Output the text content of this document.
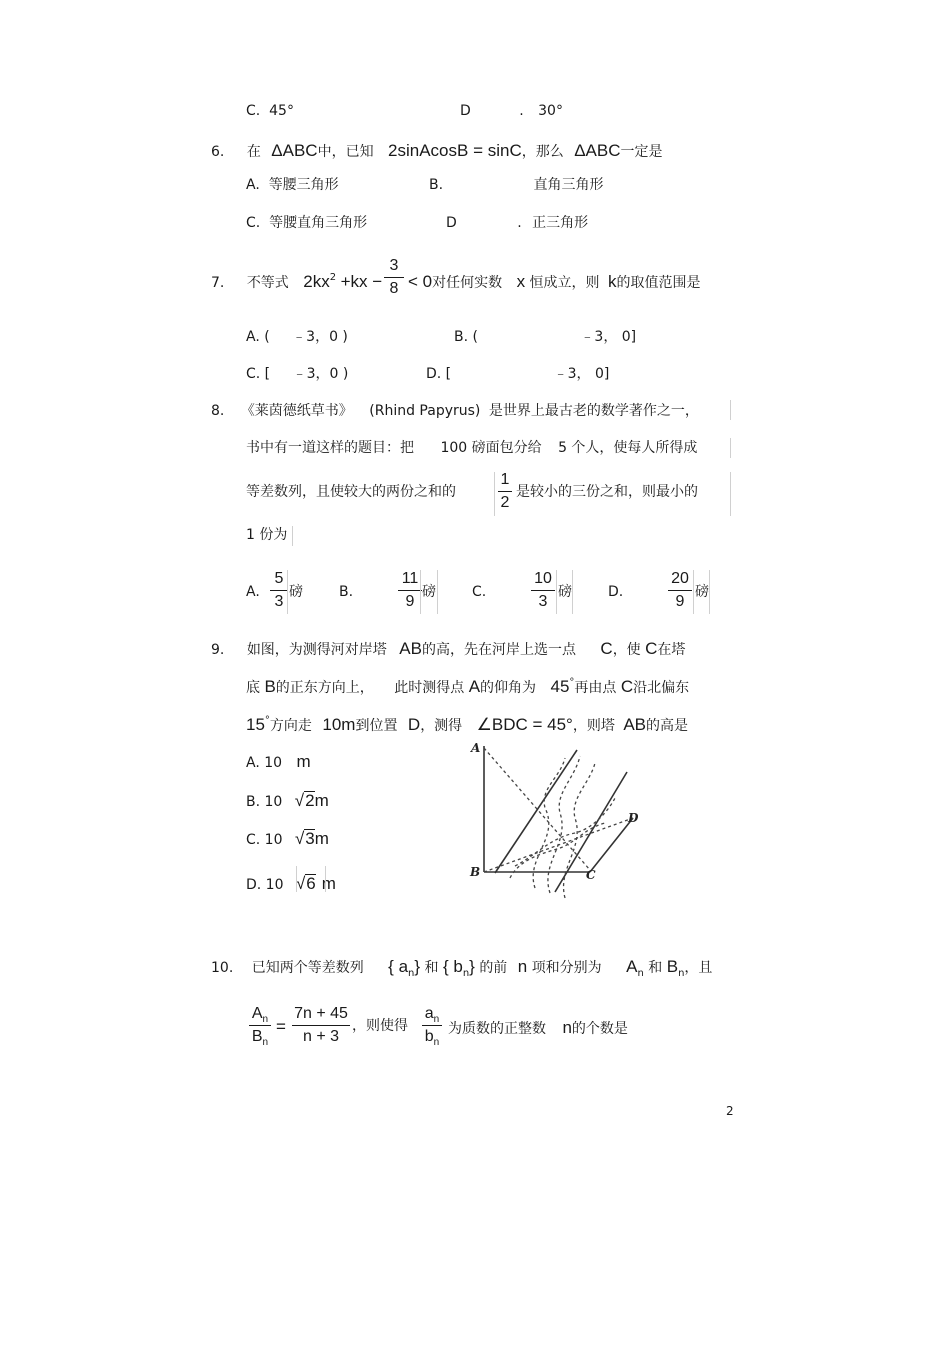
C. 45°	D	. 30°
6. 在 ΔABC中，已知 2sinAcosB = sinC，那么 ΔABC一定是
A. 等腰三角形	B.	直角三角形
C. 等腰直角三角形	D	. 正三角形
7. 不等式 $2kx^2 +kx$ −
3
8 < 0对任何实数 x 恒成立，则 k的取值范围是
A. ( ﹣3，0 )	B. (	﹣3， 0]
C. [ ﹣3，0 )	D. [	﹣3， 0]
8. 《莱茵德纸草书》 (Rhind Papyrus) 是世界上最古老的数学著作之一，
书中有一道这样的题目：把 100 磅面包分给 5 个人，使每人所得成
等差数列，且使较大的两份之和的
1
2
是较小的三份之和，则最小的
1 份为
A.
5
3
磅	B.
11
9
磅	C.
10
3
磅	D.
20
9
磅
9. 如图，为测得河对岸塔 AB的高，先在河岸上选一点 C，使 C在塔
底 B的正东方向上， 此时测得点 A的仰角为 45°再由点 C沿北偏东
15°方向走 10m到位置 D，测得 ∠BDC = 45°，则塔 AB的高是
A. 10 m
B. 10 √2m
C. 10 √3m
D. 10 √6 m
A
B	C
D
10. 已知两个等差数列 { $a_n$} 和 { $b_n$} 的前 n 项和分别为 $A_n$ 和 $B_n$，且
$A_n$
$B_n$
=
7n + 45
n + 3
，则使得
$a_n$
$b_n$
为质数的正整数 n的个数是
2
